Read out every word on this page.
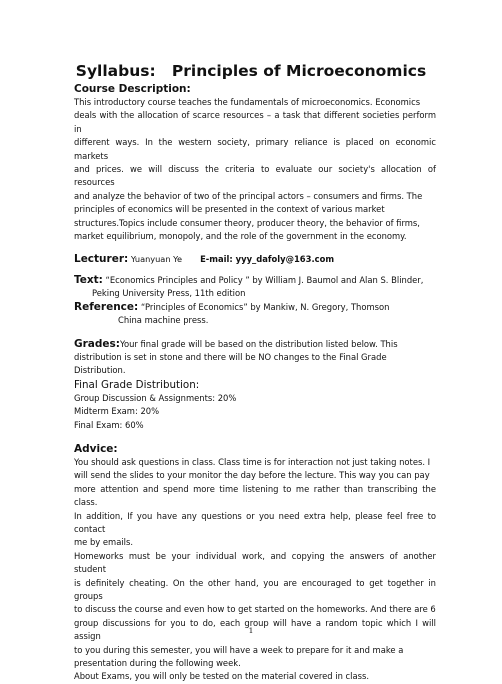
Syllabus:   Principles of Microeconomics
Course Description:

This introductory course teaches the fundamentals of microeconomics. Economics

deals with the allocation of scarce resources – a task that different societies perform in

different ways. In the western society, primary reliance is placed on economic markets

and prices. we will discuss the criteria to evaluate our society's allocation of resources

and analyze the behavior of two of the principal actors – consumers and firms. The

principles of economics will be presented in the context of various market

structures.Topics include consumer theory, producer theory, the behavior of firms,

market equilibrium, monopoly, and the role of the government in the economy.

Lecturer: Yuanyuan Ye E-mail: yyy_dafoly@163.com

Text: “Economics Principles and Policy ” by William J. Baumol and Alan S. Blinder,

Peking University Press, 11th edition

Reference: “Principles of Economics” by Mankiw, N. Gregory, Thomson

China machine press.

Grades:Your final grade will be based on the distribution listed below. This

distribution is set in stone and there will be NO changes to the Final Grade Distribution.

Final Grade Distribution:

Group Discussion & Assignments: 20%

Midterm Exam: 20%

Final Exam: 60%

Advice:

You should ask questions in class. Class time is for interaction not just taking notes. I

will send the slides to your monitor the day before the lecture. This way you can pay

more attention and spend more time listening to me rather than transcribing the class.

In addition, If you have any questions or you need extra help, please feel free to contact

me by emails.

Homeworks must be your individual work, and copying the answers of another student

is definitely cheating. On the other hand, you are encouraged to get together in groups

to discuss the course and even how to get started on the homeworks. And there are 6

group discussions for you to do, each group will have a random topic which I will assign

to you during this semester, you will have a week to prepare for it and make a

presentation during the following week.

About Exams, you will only be tested on the material covered in class.

1
